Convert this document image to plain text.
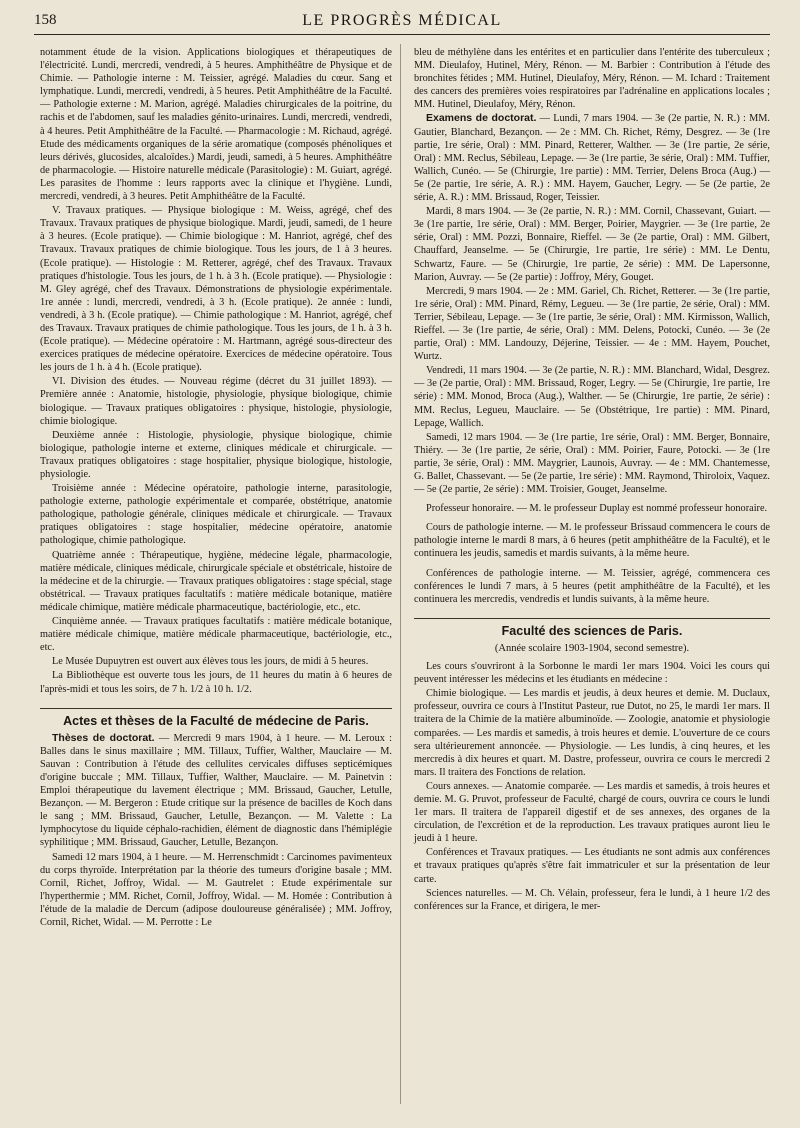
158	LE PROGRÈS MÉDICAL

notamment étude de la vision. Applications biologiques et thérapeutiques de l'électricité. Lundi, mercredi, vendredi, à 5 heures. Amphithéâtre de Physique et de Chimie. — Pathologie interne : M. Teissier, agrégé. Maladies du cœur. Sang et lymphatique. Lundi, mercredi, vendredi, à 5 heures. Petit Amphithéâtre de la Faculté. — Pathologie externe : M. Marion, agrégé. Maladies chirurgicales de la poitrine, du rachis et de l'abdomen, sauf les maladies génito-urinaires. Lundi, mercredi, vendredi, à 4 heures. Petit Amphithéâtre de la Faculté. — Pharmacologie : M. Richaud, agrégé. Etude des médicaments organiques de la série aromatique (composés phénoliques et leurs dérivés, glucosides, alcaloïdes.) Mardi, jeudi, samedi, à 5 heures. Amphithéâtre de pharmacologie. — Histoire naturelle médicale (Parasitologie) : M. Guiart, agrégé. Les parasites de l'homme : leurs rapports avec la clinique et l'hygiène. Lundi, mercredi, vendredi, à 3 heures. Petit Amphithéâtre de la Faculté.

V. Travaux pratiques. — Physique biologique : M. Weiss, agrégé, chef des Travaux. Travaux pratiques de physique biologique. Mardi, jeudi, samedi, de 1 heure à 3 heures. (Ecole pratique). — Chimie biologique : M. Hanriot, agrégé, chef des Travaux. Travaux pratiques de chimie biologique. Tous les jours, de 1 à 3 heures. (Ecole pratique). — Histologie : M. Retterer, agrégé, chef des Travaux. Travaux pratiques d'histologie. Tous les jours, de 1 h. à 3 h. (Ecole pratique). — Physiologie : M. Gley agrégé, chef des Travaux. Démonstrations de physiologie expérimentale. 1re année : lundi, mercredi, vendredi, à 3 h. (Ecole pratique). 2e année : lundi, vendredi, à 3 h. (Ecole pratique). — Chimie pathologique : M. Hanriot, agrégé, chef des Travaux. Travaux pratiques de chimie pathologique. Tous les jours, de 1 h. à 3 h. (Ecole pratique). — Médecine opératoire : M. Hartmann, agrégé sous-directeur des exercices pratiques de médecine opératoire. Exercices de médecine opératoire. Tous les jours de 1 h. à 4 h. (Ecole pratique).

VI. Division des études. — Nouveau régime (décret du 31 juillet 1893). — Première année : Anatomie, histologie, physiologie, physique biologique, chimie biologique. — Travaux pratiques obligatoires : physique, histologie, physiologie, chimie biologique.

Deuxième année : Histologie, physiologie, physique biologique, chimie biologique, pathologie interne et externe, cliniques médicale et chirurgicale. — Travaux pratiques obligatoires : stage hospitalier, physique biologique, histologie, physiologie.

Troisième année : Médecine opératoire, pathologie interne, parasitologie, pathologie externe, pathologie expérimentale et comparée, obstétrique, anatomie pathologique, pathologie générale, cliniques médicale et chirurgicale. — Travaux pratiques obligatoires : stage hospitalier, médecine opératoire, anatomie pathologique, chimie pathologique.

Quatrième année : Thérapeutique, hygiène, médecine légale, pharmacologie, matière médicale, cliniques médicale, chirurgicale spéciale et obstétricale, histoire de la médecine et de la chirurgie. — Travaux pratiques obligatoires : stage spécial, stage obstétrical. — Travaux pratiques facultatifs : matière médicale botanique, matière médicale chimique, matière médicale pharmaceutique, bactériologie, etc., etc.

Cinquième année. — Travaux pratiques facultatifs : matière médicale botanique, matière médicale chimique, matière médicale pharmaceutique, bactériologie, etc., etc.

Le Musée Dupuytren est ouvert aux élèves tous les jours, de midi à 5 heures.

La Bibliothèque est ouverte tous les jours, de 11 heures du matin à 6 heures de l'après-midi et tous les soirs, de 7 h. 1/2 à 10 h. 1/2.

Actes et thèses de la Faculté de médecine de Paris.

Thèses de doctorat. — Mercredi 9 mars 1904, à 1 heure. — M. Leroux : Balles dans le sinus maxillaire ; MM. Tillaux, Tuffier, Walther, Mauclaire — M. Sauvan : Contribution à l'étude des cellulites cervicales diffuses septicémiques d'origine buccale ; MM. Tillaux, Tuffier, Walther, Mauclaire. — M. Painetvin : Emploi thérapeutique du lavement électrique ; MM. Brissaud, Gaucher, Letulle, Bezançon. — M. Bergeron : Etude critique sur la présence de bacilles de Koch dans le sang ; MM. Brissaud, Gaucher, Letulle, Bezançon. — M. Valette : La lymphocytose du liquide céphalo-rachidien, élément de diagnostic dans l'hémiplégie syphilitique ; MM. Brissaud, Gaucher, Letulle, Bezançon.

Samedi 12 mars 1904, à 1 heure. — M. Herrenschmidt : Carcinomes pavimenteux du corps thyroïde. Interprétation par la théorie des tumeurs d'origine basale ; MM. Cornil, Richet, Joffroy, Widal. — M. Gautrelet : Etude expérimentale sur l'hyperthermie ; MM. Richet, Cornil, Joffroy, Widal. — M. Homée : Contribution à l'étude de la maladie de Dercum (adipose douloureuse généralisée) ; MM. Joffroy, Cornil, Richet, Widal. — M. Perrotte : Le

bleu de méthylène dans les entérites et en particulier dans l'entérite des tuberculeux ; MM. Dieulafoy, Hutinel, Méry, Rénon. — M. Barbier : Contribution à l'étude des bronchites fétides ; MM. Hutinel, Dieulafoy, Méry, Rénon. — M. Ichard : Traitement des cancers des premières voies respiratoires par l'adrénaline en applications locales ; MM. Hutinel, Dieulafoy, Méry, Rénon.

Examens de doctorat. — Lundi, 7 mars 1904. — 3e (2e partie, N. R.) : MM. Gautier, Blanchard, Bezançon. — 2e : MM. Ch. Richet, Rémy, Desgrez. — 3e (1re partie, 1re série, Oral) : MM. Pinard, Retterer, Walther. — 3e (1re partie, 2e série, Oral) : MM. Reclus, Sébileau, Lepage. — 3e (1re partie, 3e série, Oral) : MM. Tuffier, Wallich, Cunéo. — 5e (Chirurgie, 1re partie) : MM. Terrier, Delens Broca (Aug.) — 5e (2e partie, 1re série, A. R.) : MM. Hayem, Gaucher, Legry. — 5e (2e partie, 2e série, A. R.) : MM. Brissaud, Roger, Teissier.

Mardi, 8 mars 1904. — 3e (2e partie, N. R.) : MM. Cornil, Chassevant, Guiart. — 3e (1re partie, 1re série, Oral) : MM. Berger, Poirier, Maygrier. — 3e (1re partie, 2e série, Oral) : MM. Pozzi, Bonnaire, Rieffel. — 3e (2e partie, Oral) : MM. Gilbert, Chauffard, Jeanselme. — 5e (Chirurgie, 1re partie, 1re série) : MM. Le Dentu, Schwartz, Faure. — 5e (Chirurgie, 1re partie, 2e série) : MM. De Lapersonne, Marion, Auvray. — 5e (2e partie) : Joffroy, Méry, Gouget.

Mercredi, 9 mars 1904. — 2e : MM. Gariel, Ch. Richet, Retterer. — 3e (1re partie, 1re série, Oral) : MM. Pinard, Rémy, Legueu. — 3e (1re partie, 2e série, Oral) : MM. Terrier, Sébileau, Lepage. — 3e (1re partie, 3e série, Oral) : MM. Kirmisson, Wallich, Rieffel. — 3e (1re partie, 4e série, Oral) : MM. Delens, Potocki, Cunéo. — 3e (2e partie, Oral) : MM. Landouzy, Déjerine, Teissier. — 4e : MM. Hayem, Pouchet, Wurtz.

Vendredi, 11 mars 1904. — 3e (2e partie, N. R.) : MM. Blanchard, Widal, Desgrez. — 3e (2e partie, Oral) : MM. Brissaud, Roger, Legry. — 5e (Chirurgie, 1re partie, 1re série) : MM. Monod, Broca (Aug.), Walther. — 5e (Chirurgie, 1re partie, 2e série) : MM. Reclus, Legueu, Mauclaire. — 5e (Obstétrique, 1re partie) : MM. Pinard, Lepage, Wallich.

Samedi, 12 mars 1904. — 3e (1re partie, 1re série, Oral) : MM. Berger, Bonnaire, Thiéry. — 3e (1re partie, 2e série, Oral) : MM. Poirier, Faure, Potocki. — 3e (1re partie, 3e série, Oral) : MM. Maygrier, Launois, Auvray. — 4e : MM. Chantemesse, G. Ballet, Chassevant. — 5e (2e partie, 1re série) : MM. Raymond, Thiroloix, Vaquez. — 5e (2e partie, 2e série) : MM. Troisier, Gouget, Jeanselme.

Professeur honoraire. — M. le professeur Duplay est nommé professeur honoraire.

Cours de pathologie interne. — M. le professeur Brissaud commencera le cours de pathologie interne le mardi 8 mars, à 6 heures (petit amphithéâtre de la Faculté), et le continuera les jeudis, samedis et mardis suivants, à la même heure.

Conférences de pathologie interne. — M. Teissier, agrégé, commencera ces conférences le lundi 7 mars, à 5 heures (petit amphithéâtre de la Faculté), et les continuera les mercredis, vendredis et lundis suivants, à la même heure.

Faculté des sciences de Paris.
(Année scolaire 1903-1904, second semestre).

Les cours s'ouvriront à la Sorbonne le mardi 1er mars 1904. Voici les cours qui peuvent intéresser les médecins et les étudiants en médecine :

Chimie biologique. — Les mardis et jeudis, à deux heures et demie. M. Duclaux, professeur, ouvrira ce cours à l'Institut Pasteur, rue Dutot, no 25, le mardi 1er mars. Il traitera de la Chimie de la matière albuminoïde. — Zoologie, anatomie et physiologie comparées. — Les mardis et samedis, à trois heures et demie. L'ouverture de ce cours sera ultérieurement annoncée. — Physiologie. — Les lundis, à cinq heures, et les mercredis à dix heures et quart. M. Dastre, professeur, ouvrira ce cours le mercredi 2 mars. Il traitera des Fonctions de relation.

Cours annexes. — Anatomie comparée. — Les mardis et samedis, à trois heures et demie. M. G. Pruvot, professeur de Faculté, chargé de cours, ouvrira ce cours le lundi 1er mars. Il traitera de l'appareil digestif et de ses annexes, des organes de la circulation, de l'excrétion et de la reproduction. Les travaux pratiques auront lieu le jeudi à 1 heure.

Conférences et Travaux pratiques. — Les étudiants ne sont admis aux conférences et travaux pratiques qu'après s'être fait immatriculer et sur la présentation de leur carte.

Sciences naturelles. — M. Ch. Vélain, professeur, fera le lundi, à 1 heure 1/2 des conférences sur la France, et dirigera, le mer-
